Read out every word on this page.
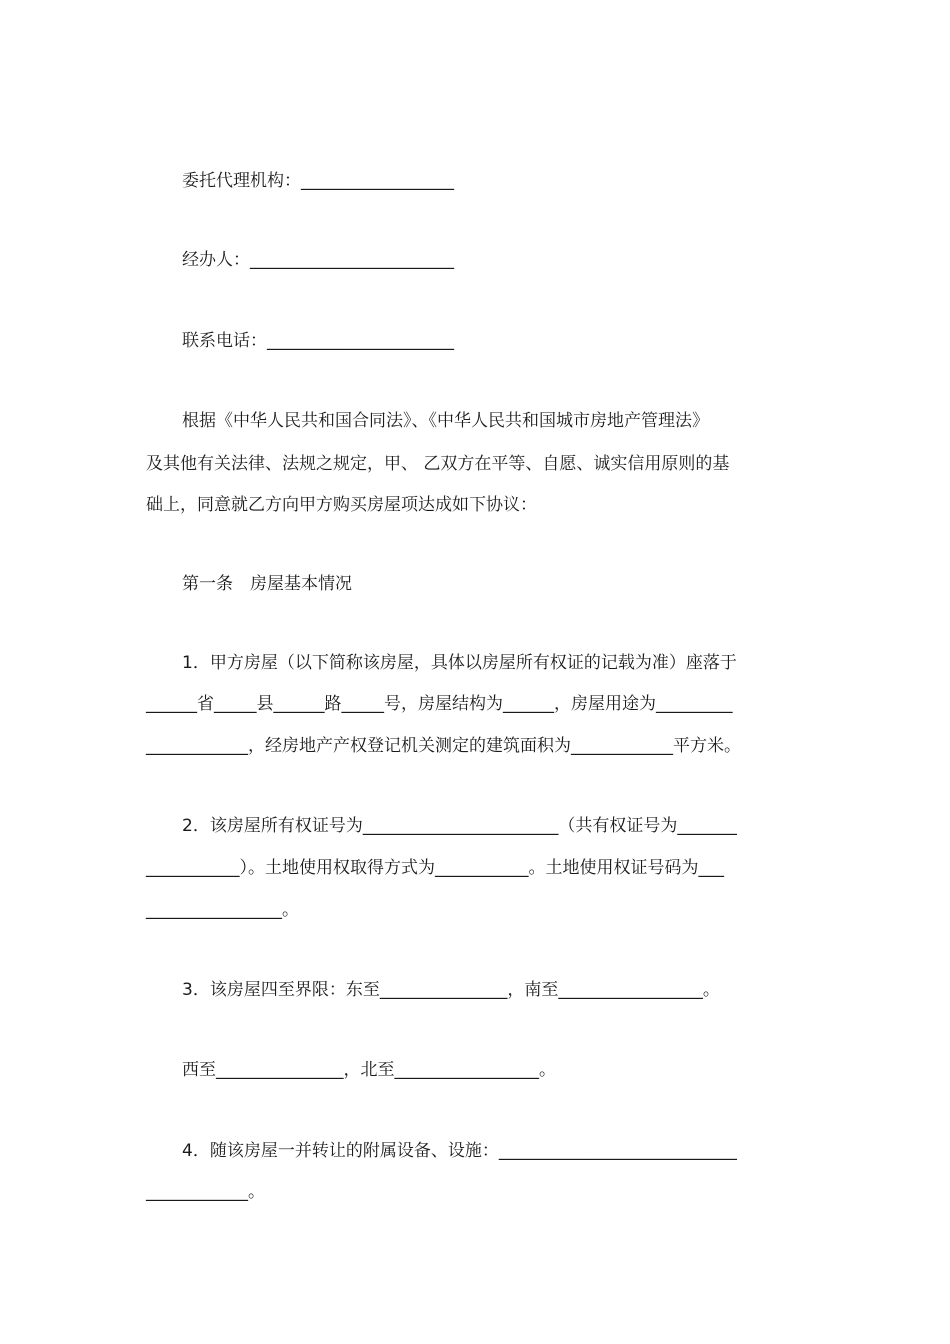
委托代理机构：__________________
经办人：________________________
联系电话：______________________
根据《中华人民共和国合同法》、《中华人民共和国城市房地产管理法》
及其他有关法律、法规之规定，甲、 乙双方在平等、自愿、诚实信用原则的基
础上，同意就乙方向甲方购买房屋项达成如下协议：
第一条　房屋基本情况
1．甲方房屋（以下简称该房屋，具体以房屋所有权证的记载为准）座落于
______省_____县______路_____号，房屋结构为______，房屋用途为_________
____________，经房地产产权登记机关测定的建筑面积为____________平方米。
2．该房屋所有权证号为_______________________（共有权证号为_______
___________）。土地使用权取得方式为___________。土地使用权证号码为___
________________。
3．该房屋四至界限：东至_______________，南至_________________。
西至_______________，北至_________________。
4．随该房屋一并转让的附属设备、设施：____________________________
____________。
